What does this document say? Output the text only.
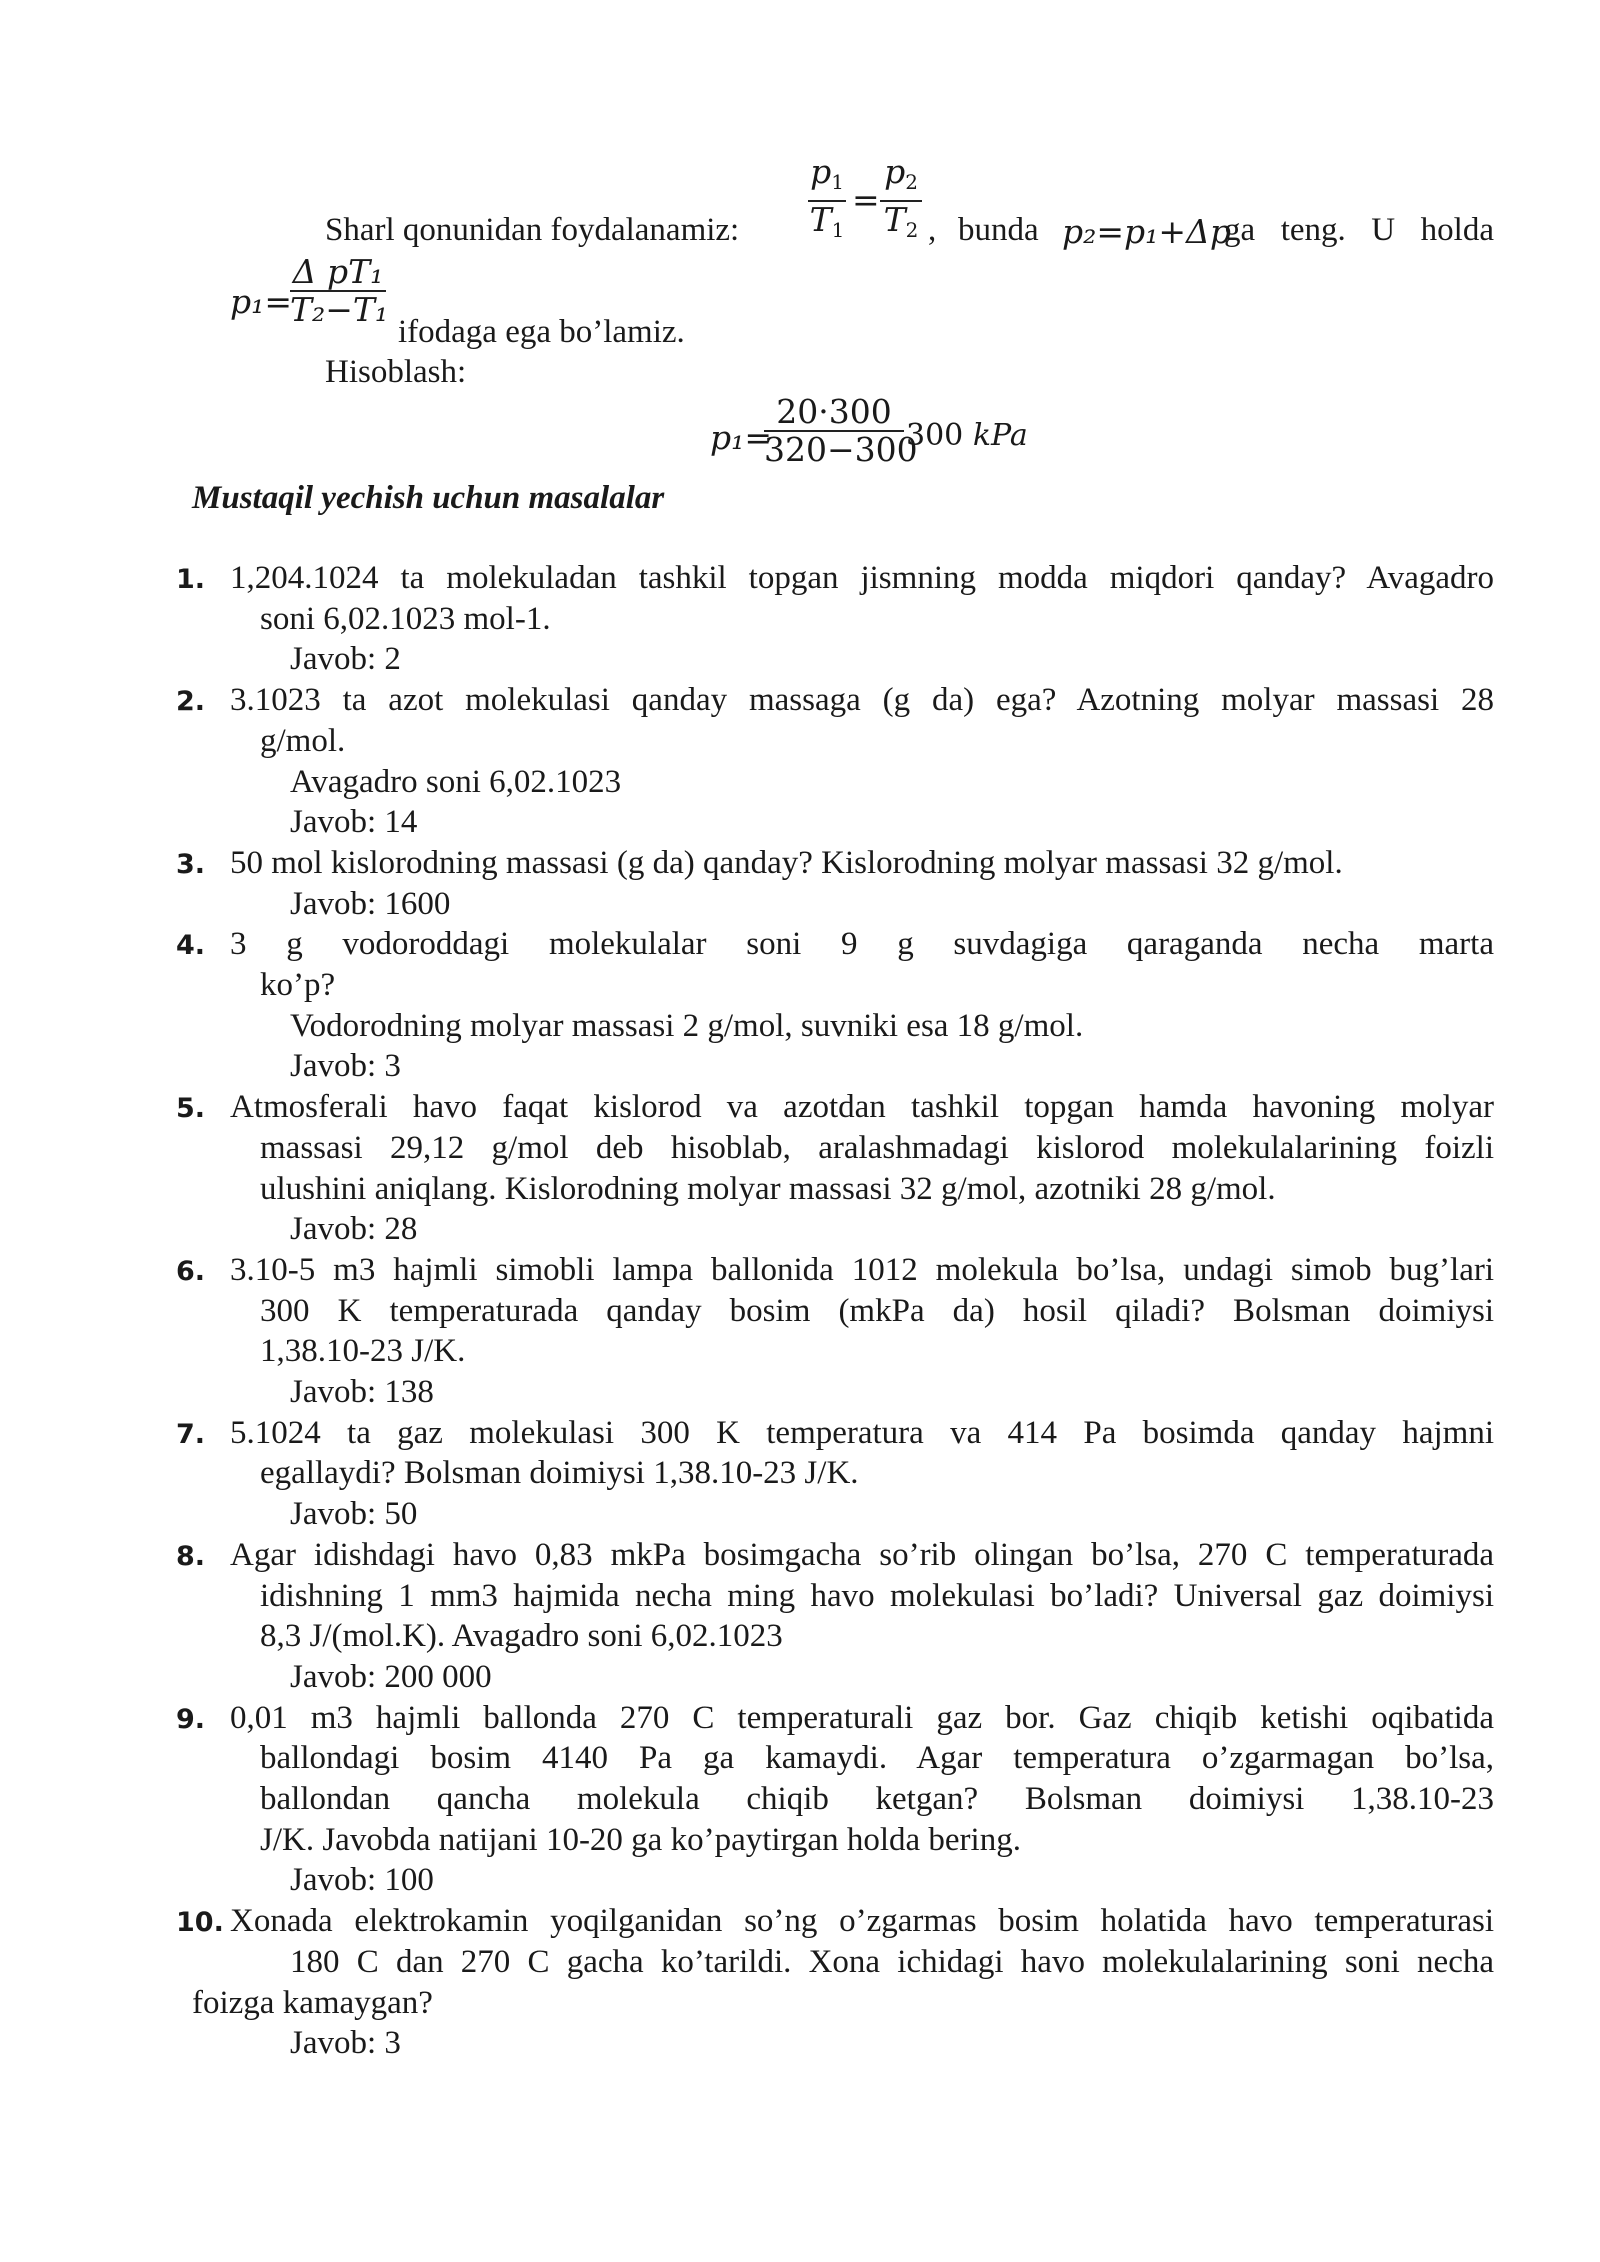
Sharl qonunidan foydalanamiz:
p1
T1
=
p2
T2 , bunda p₂=p₁+Δp
ga teng. U holda
p₁=
Δ pT₁
T₂−T₁
ifodaga ega bo’lamiz.
Hisoblash:
p₁=
20·300
320−300
300 kPa
Mustaqil yechish uchun masalalar
1. 1,204.1024 ta molekuladan tashkil topgan jismning modda miqdori qanday? Avagadro
soni 6,02.1023 mol-1.
Javob: 2
2. 3.1023 ta azot molekulasi qanday massaga (g da) ega? Azotning molyar massasi 28
g/mol.
Avagadro soni 6,02.1023
Javob: 14
3. 50 mol kislorodning massasi (g da) qanday? Kislorodning molyar massasi 32 g/mol.
Javob: 1600
4. 3 g vodoroddagi molekulalar soni 9 g suvdagiga qaraganda necha marta
ko’p?
Vodorodning molyar massasi 2 g/mol, suvniki esa 18 g/mol.
Javob: 3
5. Atmosferali havo faqat kislorod va azotdan tashkil topgan hamda havoning molyar
massasi 29,12 g/mol deb hisoblab, aralashmadagi kislorod molekulalarining foizli
ulushini aniqlang. Kislorodning molyar massasi 32 g/mol, azotniki 28 g/mol.
Javob: 28
6. 3.10-5 m3 hajmli simobli lampa ballonida 1012 molekula bo’lsa, undagi simob bug’lari
300 K temperaturada qanday bosim (mkPa da) hosil qiladi? Bolsman doimiysi
1,38.10-23 J/K.
Javob: 138
7. 5.1024 ta gaz molekulasi 300 K temperatura va 414 Pa bosimda qanday hajmni
egallaydi? Bolsman doimiysi 1,38.10-23 J/K.
Javob: 50
8. Agar idishdagi havo 0,83 mkPa bosimgacha so’rib olingan bo’lsa, 270 C temperaturada
idishning 1 mm3 hajmida necha ming havo molekulasi bo’ladi? Universal gaz doimiysi
8,3 J/(mol.K). Avagadro soni 6,02.1023
Javob: 200 000
9. 0,01 m3 hajmli ballonda 270 C temperaturali gaz bor. Gaz chiqib ketishi oqibatida
ballondagi bosim 4140 Pa ga kamaydi. Agar temperatura o’zgarmagan bo’lsa,
ballondan qancha molekula chiqib ketgan? Bolsman doimiysi 1,38.10-23
J/K. Javobda natijani 10-20 ga ko’paytirgan holda bering.
Javob: 100
10. Xonada elektrokamin yoqilganidan so’ng o’zgarmas bosim holatida havo temperaturasi
180 C dan 270 C gacha ko’tarildi. Xona ichidagi havo molekulalarining soni necha
foizga kamaygan?
Javob: 3
